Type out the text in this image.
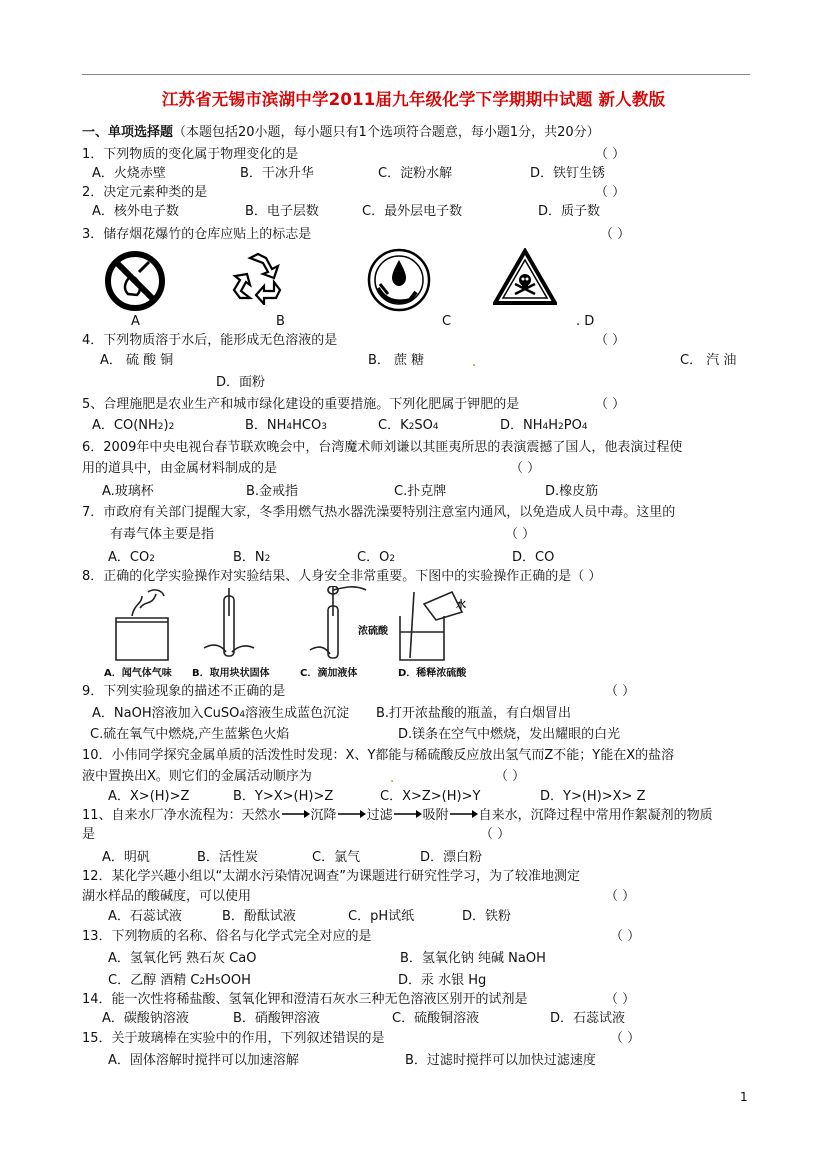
江苏省无锡市滨湖中学2011届九年级化学下学期期中试题 新人教版
一、单项选择题（本题包括20小题，每小题只有1个选项符合题意，每小题1分，共20分）
1．下列物质的变化属于物理变化的是	（ ）
A．火烧赤壁	B．干冰升华	C．淀粉水解	D．铁钉生锈
2．决定元素种类的是	（ ）
A．核外电子数	B．电子层数	C．最外层电子数	D．质子数
3．储存烟花爆竹的仓库应贴上的标志是	（ ）
A	B	C	. D
4．下列物质溶于水后，能形成无色溶液的是	（ ）
A． 硫 酸 铜	B． 蔗 糖	.	C． 汽 油
D．面粉
5、合理施肥是农业生产和城市绿化建设的重要措施。下列化肥属于钾肥的是	（ ）
A．CO(NH2)2	B．NH4HCO3	C．K2SO4	D．NH4H2PO4
6．2009年中央电视台春节联欢晚会中，台湾魔术师刘谦以其匪夷所思的表演震撼了国人，他表演过程使
用的道具中，由金属材料制成的是	（ ）
A.玻璃杯	B.金戒指	C.扑克牌	D.橡皮筋
7．市政府有关部门提醒大家，冬季用燃气热水器洗澡要特别注意室内通风，以免造成人员中毒。这里的
有毒气体主要是指	（ ）
A．CO2	B．N2	C．O2	D．CO
8．正确的化学实验操作对实验结果、人身安全非常重要。下图中的实验操作正确的是（ ）
浓硫酸
水
A．闻气体气味 B．取用块状固体	C．滴加液体	D．稀释浓硫酸
9．下列实验现象的描述不正确的是	（ ）
A．NaOH溶液加入CuSO4溶液生成蓝色沉淀 B.打开浓盐酸的瓶盖，有白烟冒出
C.硫在氧气中燃烧,产生蓝紫色火焰	D.镁条在空气中燃烧，发出耀眼的白光
10．小伟同学探究金属单质的活泼性时发现：X、Y都能与稀硫酸反应放出氢气而Z不能；Y能在X的盐溶
液中置换出X。则它们的金属活动顺序为	.	（ ）
A．X>(H)>Z	B．Y>X>(H)>Z	C．X>Z>(H)>Y	D．Y>(H)>X> Z
11、自来水厂净水流程为：天然水 沉降 过滤 吸附 自来水，沉降过程中常用作絮凝剂的物质
是	（ ）
A．明矾	B．活性炭	C．氯气	D．漂白粉
12．某化学兴趣小组以“太湖水污染情况调查”为课题进行研究性学习，为了较准地测定
湖水样品的酸碱度，可以使用	（ ）
A．石蕊试液	B．酚酞试液	C．pH试纸	D．铁粉
13．下列物质的名称、俗名与化学式完全对应的是	（ ）
A．氢氧化钙 熟石灰 CaO	B．氢氧化钠 纯碱 NaOH
C．乙醇 酒精 C2H5OOH	D．汞 水银 Hg
14．能一次性将稀盐酸、氢氧化钾和澄清石灰水三种无色溶液区别开的试剂是	（ ）
A．碳酸钠溶液	B．硝酸钾溶液	C．硫酸铜溶液	D．石蕊试液
15．关于玻璃棒在实验中的作用，下列叙述错误的是	（ ）
A．固体溶解时搅拌可以加速溶解	B．过滤时搅拌可以加快过滤速度
1
